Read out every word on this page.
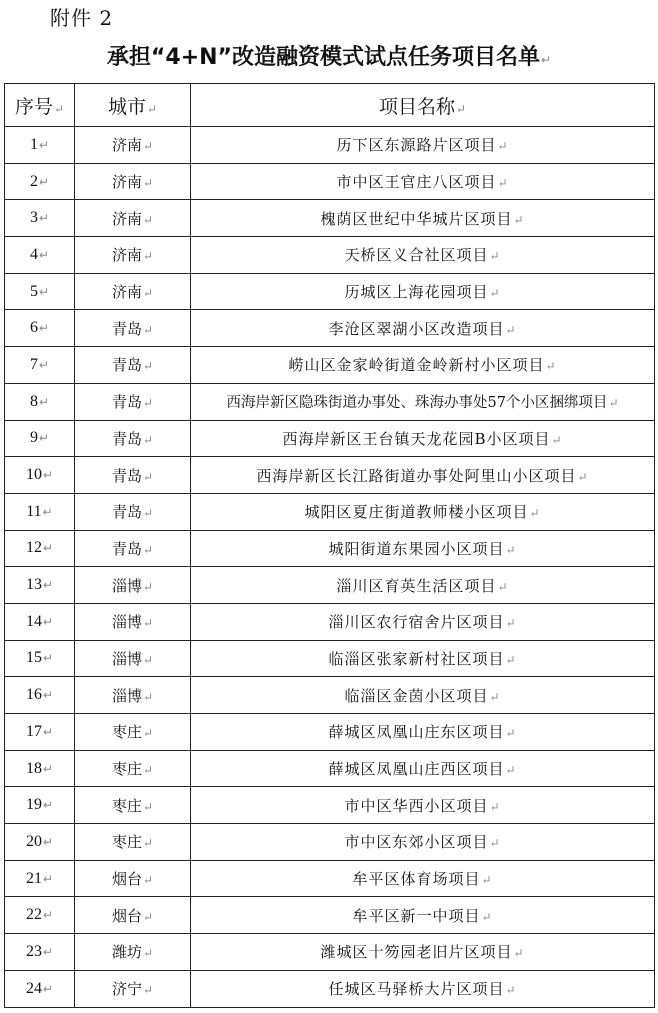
附件 2
承担“4+N”改造融资模式试点任务项目名单↵
序号↵	城市↵	项目名称↵
1↵	济南↵	历下区东源路片区项目↵
2↵	济南↵	市中区王官庄八区项目↵
3↵	济南↵	槐荫区世纪中华城片区项目↵
4↵	济南↵	天桥区义合社区项目↵
5↵	济南↵	历城区上海花园项目↵
6↵	青岛↵	李沧区翠湖小区改造项目↵
7↵	青岛↵	崂山区金家岭街道金岭新村小区项目↵
8↵	青岛↵	西海岸新区隐珠街道办事处、珠海办事处57个小区捆绑项目↵
9↵	青岛↵	西海岸新区王台镇天龙花园B小区项目↵
10↵	青岛↵	西海岸新区长江路街道办事处阿里山小区项目↵
11↵	青岛↵	城阳区夏庄街道教师楼小区项目↵
12↵	青岛↵	城阳街道东果园小区项目↵
13↵	淄博↵	淄川区育英生活区项目↵
14↵	淄博↵	淄川区农行宿舍片区项目↵
15↵	淄博↵	临淄区张家新村社区项目↵
16↵	淄博↵	临淄区金茵小区项目↵
17↵	枣庄↵	薛城区凤凰山庄东区项目↵
18↵	枣庄↵	薛城区凤凰山庄西区项目↵
19↵	枣庄↵	市中区华西小区项目↵
20↵	枣庄↵	市中区东郊小区项目↵
21↵	烟台↵	牟平区体育场项目↵
22↵	烟台↵	牟平区新一中项目↵
23↵	潍坊↵	潍城区十笏园老旧片区项目↵
24↵	济宁↵	任城区马驿桥大片区项目↵
